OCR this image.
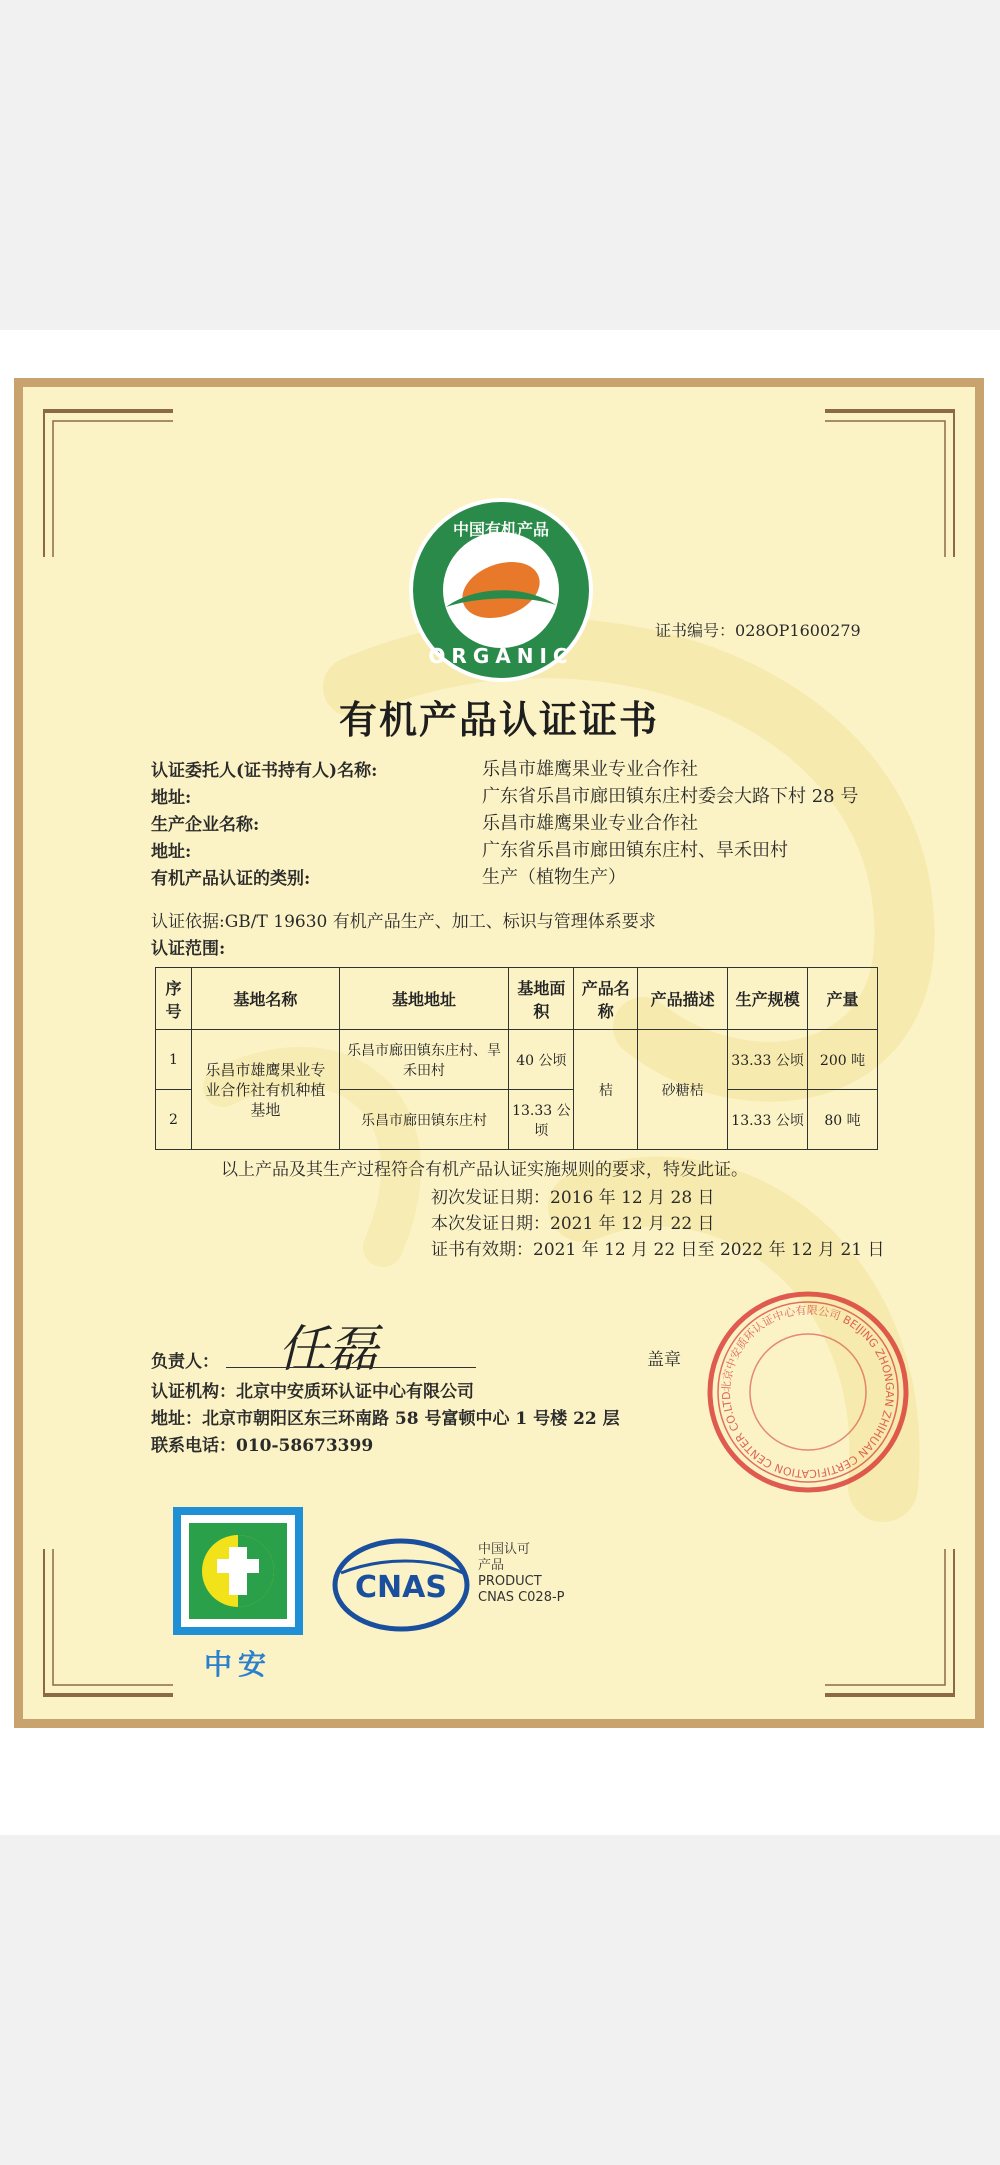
中国有机产品
ORGANIC
证书编号：028OP1600279
有机产品认证证书
认证委托人(证书持有人)名称:	乐昌市雄鹰果业专业合作社
地址:	广东省乐昌市廊田镇东庄村委会大路下村 28 号
生产企业名称:	乐昌市雄鹰果业专业合作社
地址:	广东省乐昌市廊田镇东庄村、旱禾田村
有机产品认证的类别:	生产（植物生产）
认证依据:GB/T 19630 有机产品生产、加工、标识与管理体系要求
认证范围:
序号	基地名称	基地地址	基地面积	产品名称	产品描述	生产规模	产量
1	乐昌市雄鹰果业专业合作社有机种植基地	乐昌市廊田镇东庄村、旱禾田村	40 公顷	桔	砂糖桔	33.33 公顷	200 吨
2		乐昌市廊田镇东庄村	13.33 公顷			13.33 公顷	80 吨
以上产品及其生产过程符合有机产品认证实施规则的要求，特发此证。
初次发证日期：2016 年 12 月 28 日
本次发证日期：2021 年 12 月 22 日
证书有效期：2021 年 12 月 22 日至 2022 年 12 月 21 日
北京中安质环认证中心有限公司 BEIJING ZHONGAN ZHIHUAN CERTIFICATION CENTER CO.LTD
负责人： 任磊	盖章
认证机构：北京中安质环认证中心有限公司
地址：北京市朝阳区东三环南路 58 号富顿中心 1 号楼 22 层
联系电话：010-58673399
中安
CNAS
中国认可
产品
PRODUCT
CNAS C028-P
